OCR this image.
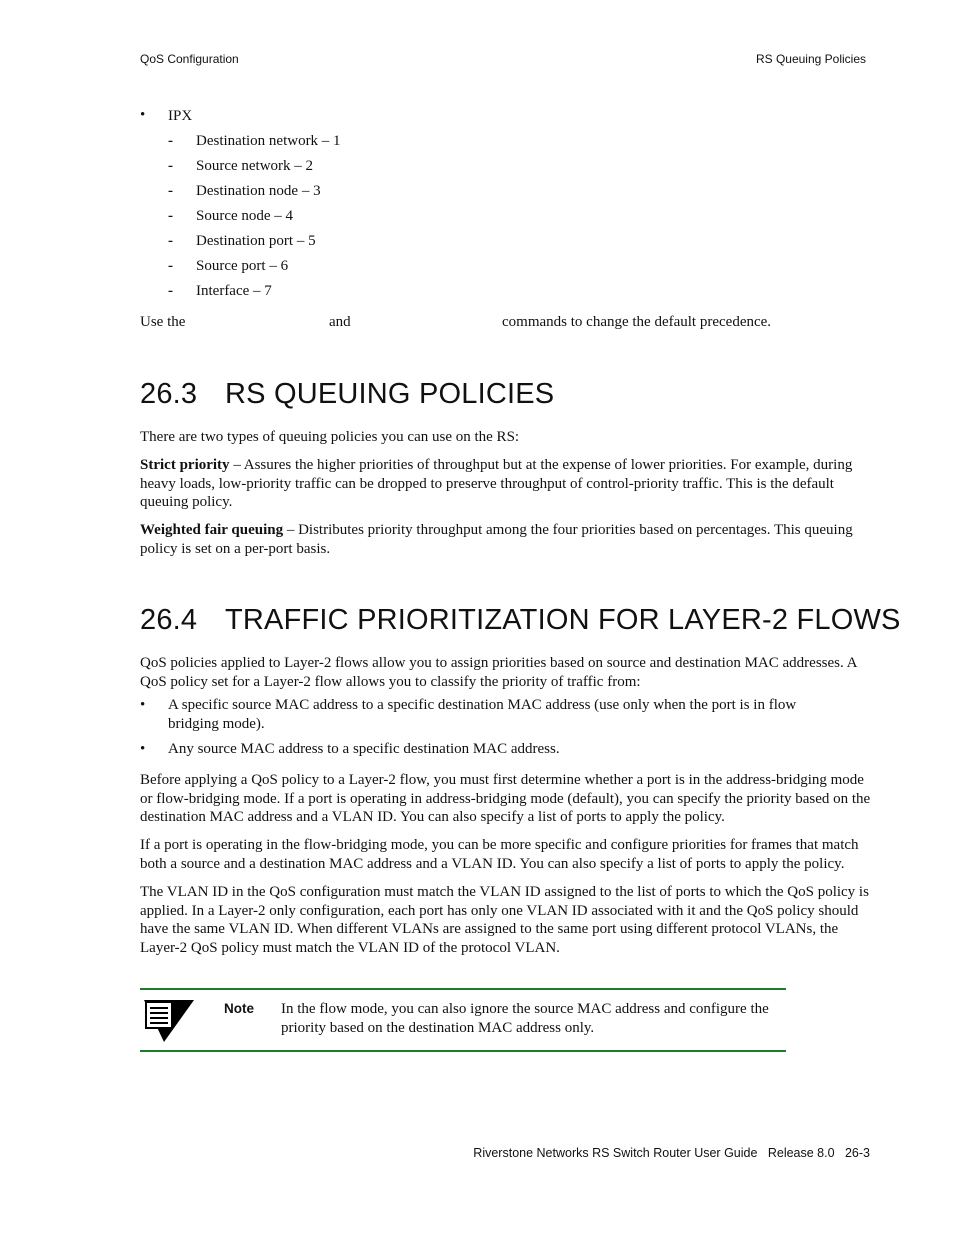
QoS Configuration	RS Queuing Policies
• IPX
- Destination network – 1
- Source network – 2
- Destination node – 3
- Source node – 4
- Destination port – 5
- Source port – 6
- Interface – 7
Use the	and	commands to change the default precedence.
26.3 RS QUEUING POLICIES
There are two types of queuing policies you can use on the RS:
Strict priority – Assures the higher priorities of throughput but at the expense of lower priorities. For example, during heavy loads, low-priority traffic can be dropped to preserve throughput of control-priority traffic. This is the default queuing policy.
Weighted fair queuing – Distributes priority throughput among the four priorities based on percentages. This queuing policy is set on a per-port basis.
26.4 TRAFFIC PRIORITIZATION FOR LAYER-2 FLOWS
QoS policies applied to Layer-2 flows allow you to assign priorities based on source and destination MAC addresses. A QoS policy set for a Layer-2 flow allows you to classify the priority of traffic from:
• A specific source MAC address to a specific destination MAC address (use only when the port is in flow bridging mode).
• Any source MAC address to a specific destination MAC address.
Before applying a QoS policy to a Layer-2 flow, you must first determine whether a port is in the address-bridging mode or flow-bridging mode. If a port is operating in address-bridging mode (default), you can specify the priority based on the destination MAC address and a VLAN ID. You can also specify a list of ports to apply the policy.
If a port is operating in the flow-bridging mode, you can be more specific and configure priorities for frames that match both a source and a destination MAC address and a VLAN ID. You can also specify a list of ports to apply the policy.
The VLAN ID in the QoS configuration must match the VLAN ID assigned to the list of ports to which the QoS policy is applied. In a Layer-2 only configuration, each port has only one VLAN ID associated with it and the QoS policy should have the same VLAN ID. When different VLANs are assigned to the same port using different protocol VLANs, the Layer-2 QoS policy must match the VLAN ID of the protocol VLAN.
Note In the flow mode, you can also ignore the source MAC address and configure the priority based on the destination MAC address only.
Riverstone Networks RS Switch Router User Guide   Release 8.0   26-3
